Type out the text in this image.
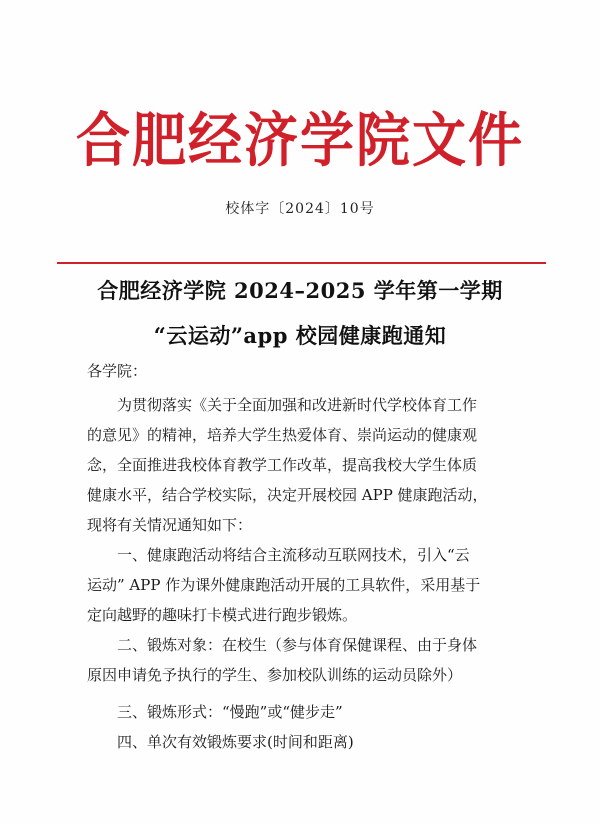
合肥经济学院文件
校体字〔2024〕10号
合肥经济学院 2024–2025 学年第一学期
“云运动”app 校园健康跑通知
各学院：
为贯彻落实《关于全面加强和改进新时代学校体育工作
的意见》的精神，培养大学生热爱体育、崇尚运动的健康观
念，全面推进我校体育教学工作改革，提高我校大学生体质
健康水平，结合学校实际，决定开展校园 APP 健康跑活动，
现将有关情况通知如下：
一、健康跑活动将结合主流移动互联网技术，引入“云
运动” APP 作为课外健康跑活动开展的工具软件，采用基于
定向越野的趣味打卡模式进行跑步锻炼。
二、锻炼对象：在校生（参与体育保健课程、由于身体
原因申请免予执行的学生、参加校队训练的运动员除外）
三、锻炼形式：“慢跑”或“健步走”
四、单次有效锻炼要求(时间和距离)
